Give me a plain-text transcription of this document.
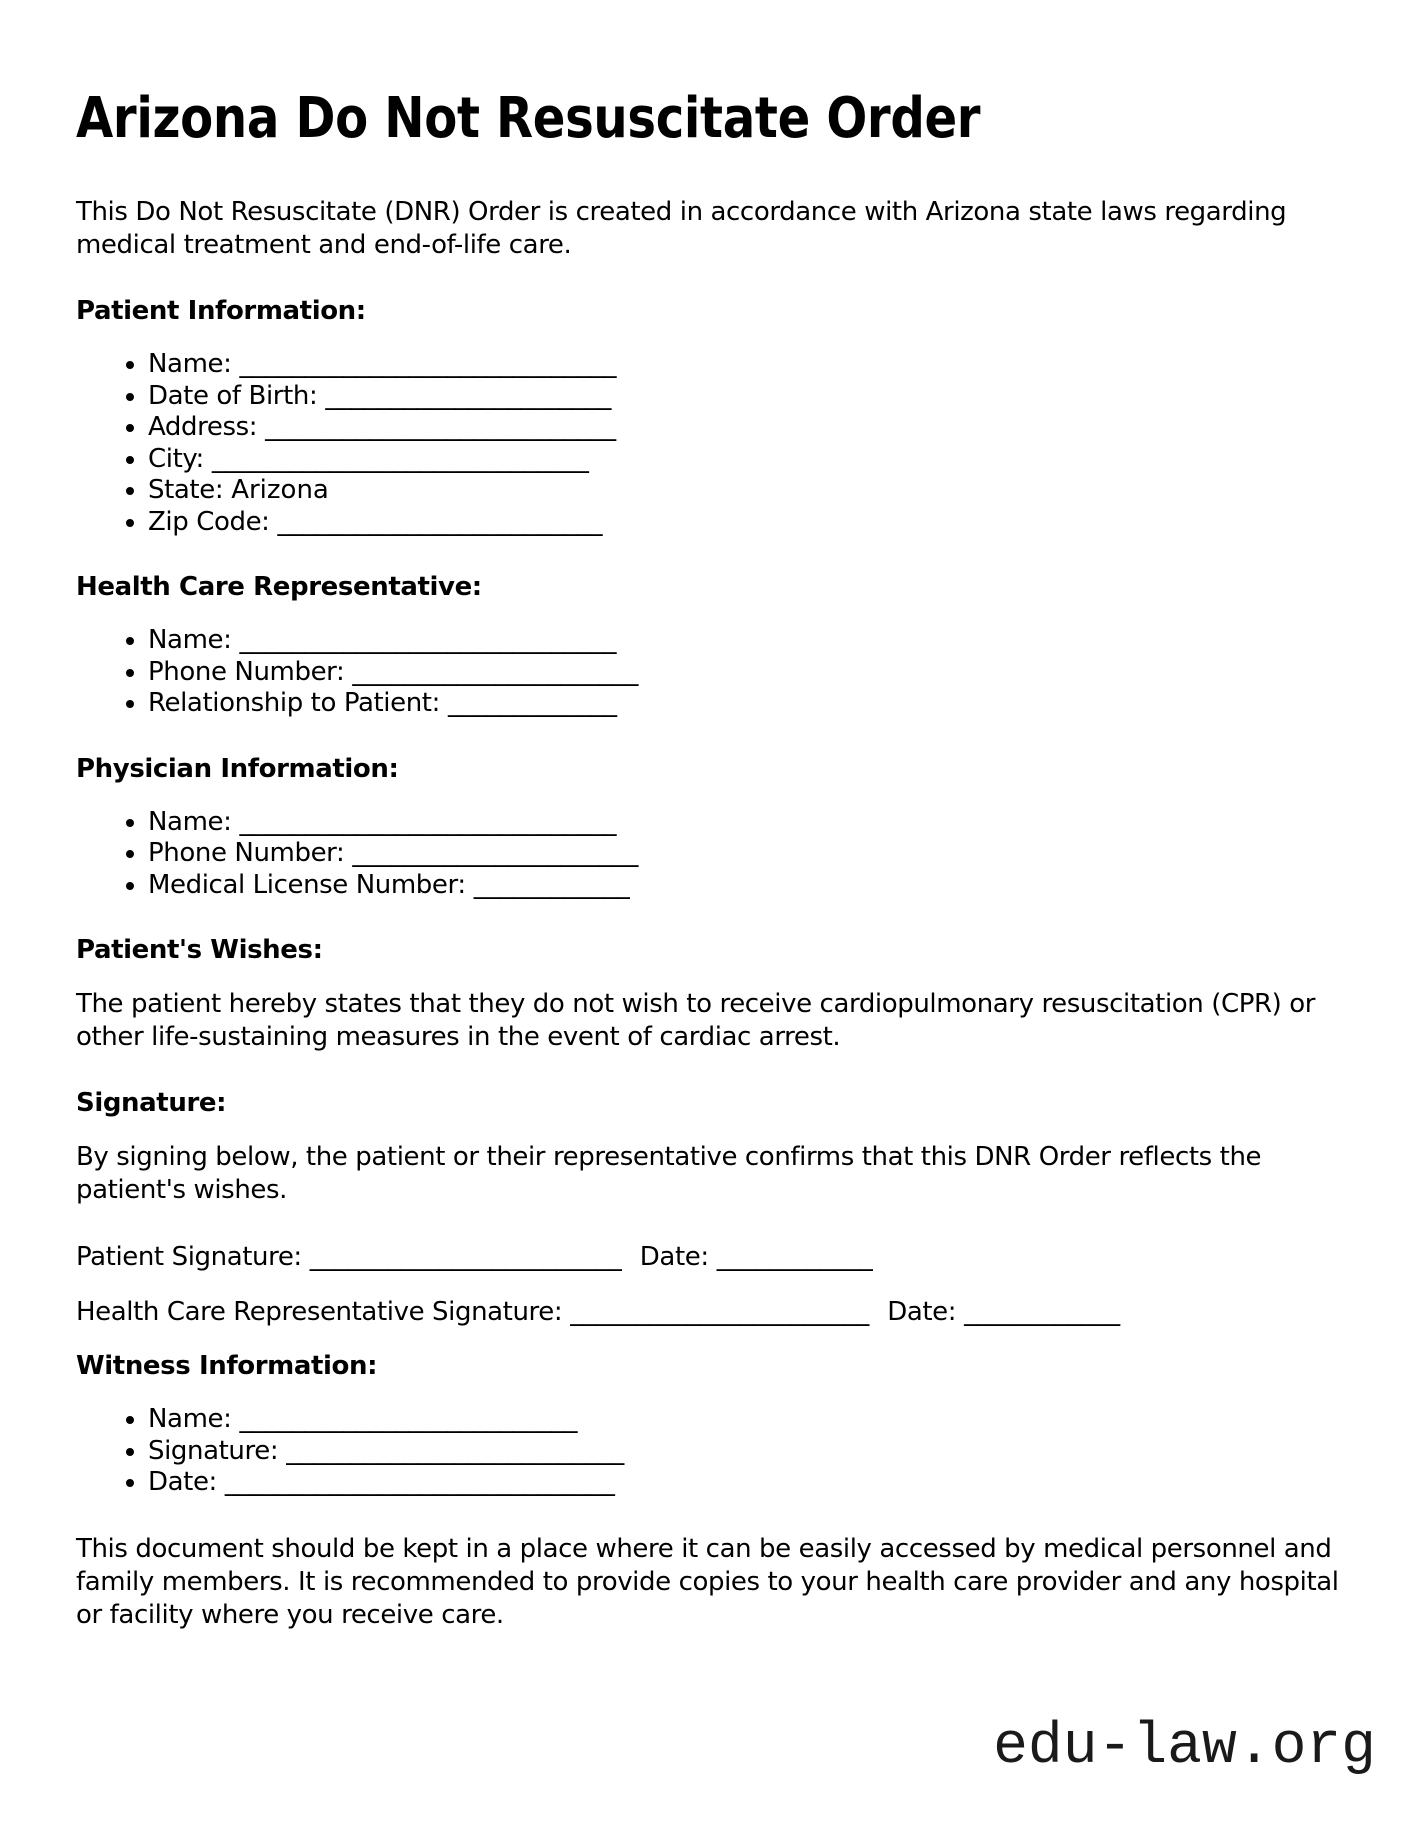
Arizona Do Not Resuscitate Order

This Do Not Resuscitate (DNR) Order is created in accordance with Arizona state laws regarding medical treatment and end-of-life care.

Patient Information:
• Name: _____________________________
• Date of Birth: ______________________
• Address: ___________________________
• City: _____________________________
• State: Arizona
• Zip Code: _________________________
Health Care Representative:
• Name: _____________________________
• Phone Number: ______________________
• Relationship to Patient: _____________
Physician Information:
• Name: _____________________________
• Phone Number: ______________________
• Medical License Number: ____________
Patient's Wishes:

The patient hereby states that they do not wish to receive cardiopulmonary resuscitation (CPR) or other life-sustaining measures in the event of cardiac arrest.

Signature:

By signing below, the patient or their representative confirms that this DNR Order reflects the patient's wishes.

Patient Signature: ________________________ Date: ____________
Health Care Representative Signature: _______________________ Date: ____________
Witness Information:
• Name: __________________________
• Signature: __________________________
• Date: ______________________________

This document should be kept in a place where it can be easily accessed by medical personnel and family members. It is recommended to provide copies to your health care provider and any hospital or facility where you receive care.

edu-law.org
